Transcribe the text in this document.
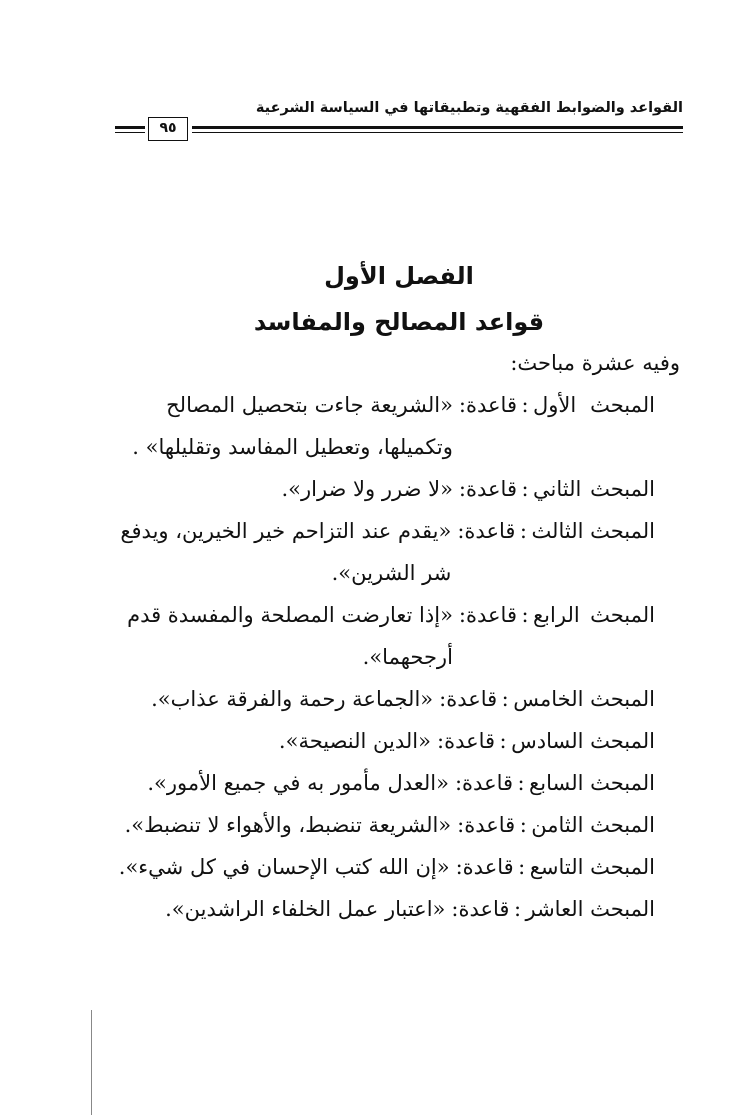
القواعد والضوابط الفقهية وتطبيقاتها في السياسة الشرعية
٩٥
الفصل الأول
قواعد المصالح والمفاسد
وفيه عشرة مباحث:
المبحث الأول
:
قاعدة:
«الشريعة جاءت بتحصيل المصالح وتكميلها، وتعطيل المفاسد وتقليلها» .
المبحث الثاني
:
قاعدة:
«لا ضرر ولا ضرار».
المبحث الثالث
:
قاعدة:
«يقدم عند التزاحم خير الخيرين، ويدفع شر الشرين».
المبحث الرابع
:
قاعدة:
«إذا تعارضت المصلحة والمفسدة قدم أرجحهما».
المبحث الخامس
:
قاعدة:
«الجماعة رحمة والفرقة عذاب».
المبحث السادس
:
قاعدة:
«الدين النصيحة».
المبحث السابع
:
قاعدة:
«العدل مأمور به في جميع الأمور».
المبحث الثامن
:
قاعدة:
«الشريعة تنضبط، والأهواء لا تنضبط».
المبحث التاسع
:
قاعدة:
«إن الله كتب الإحسان في كل شيء».
المبحث العاشر
:
قاعدة:
«اعتبار عمل الخلفاء الراشدين».
